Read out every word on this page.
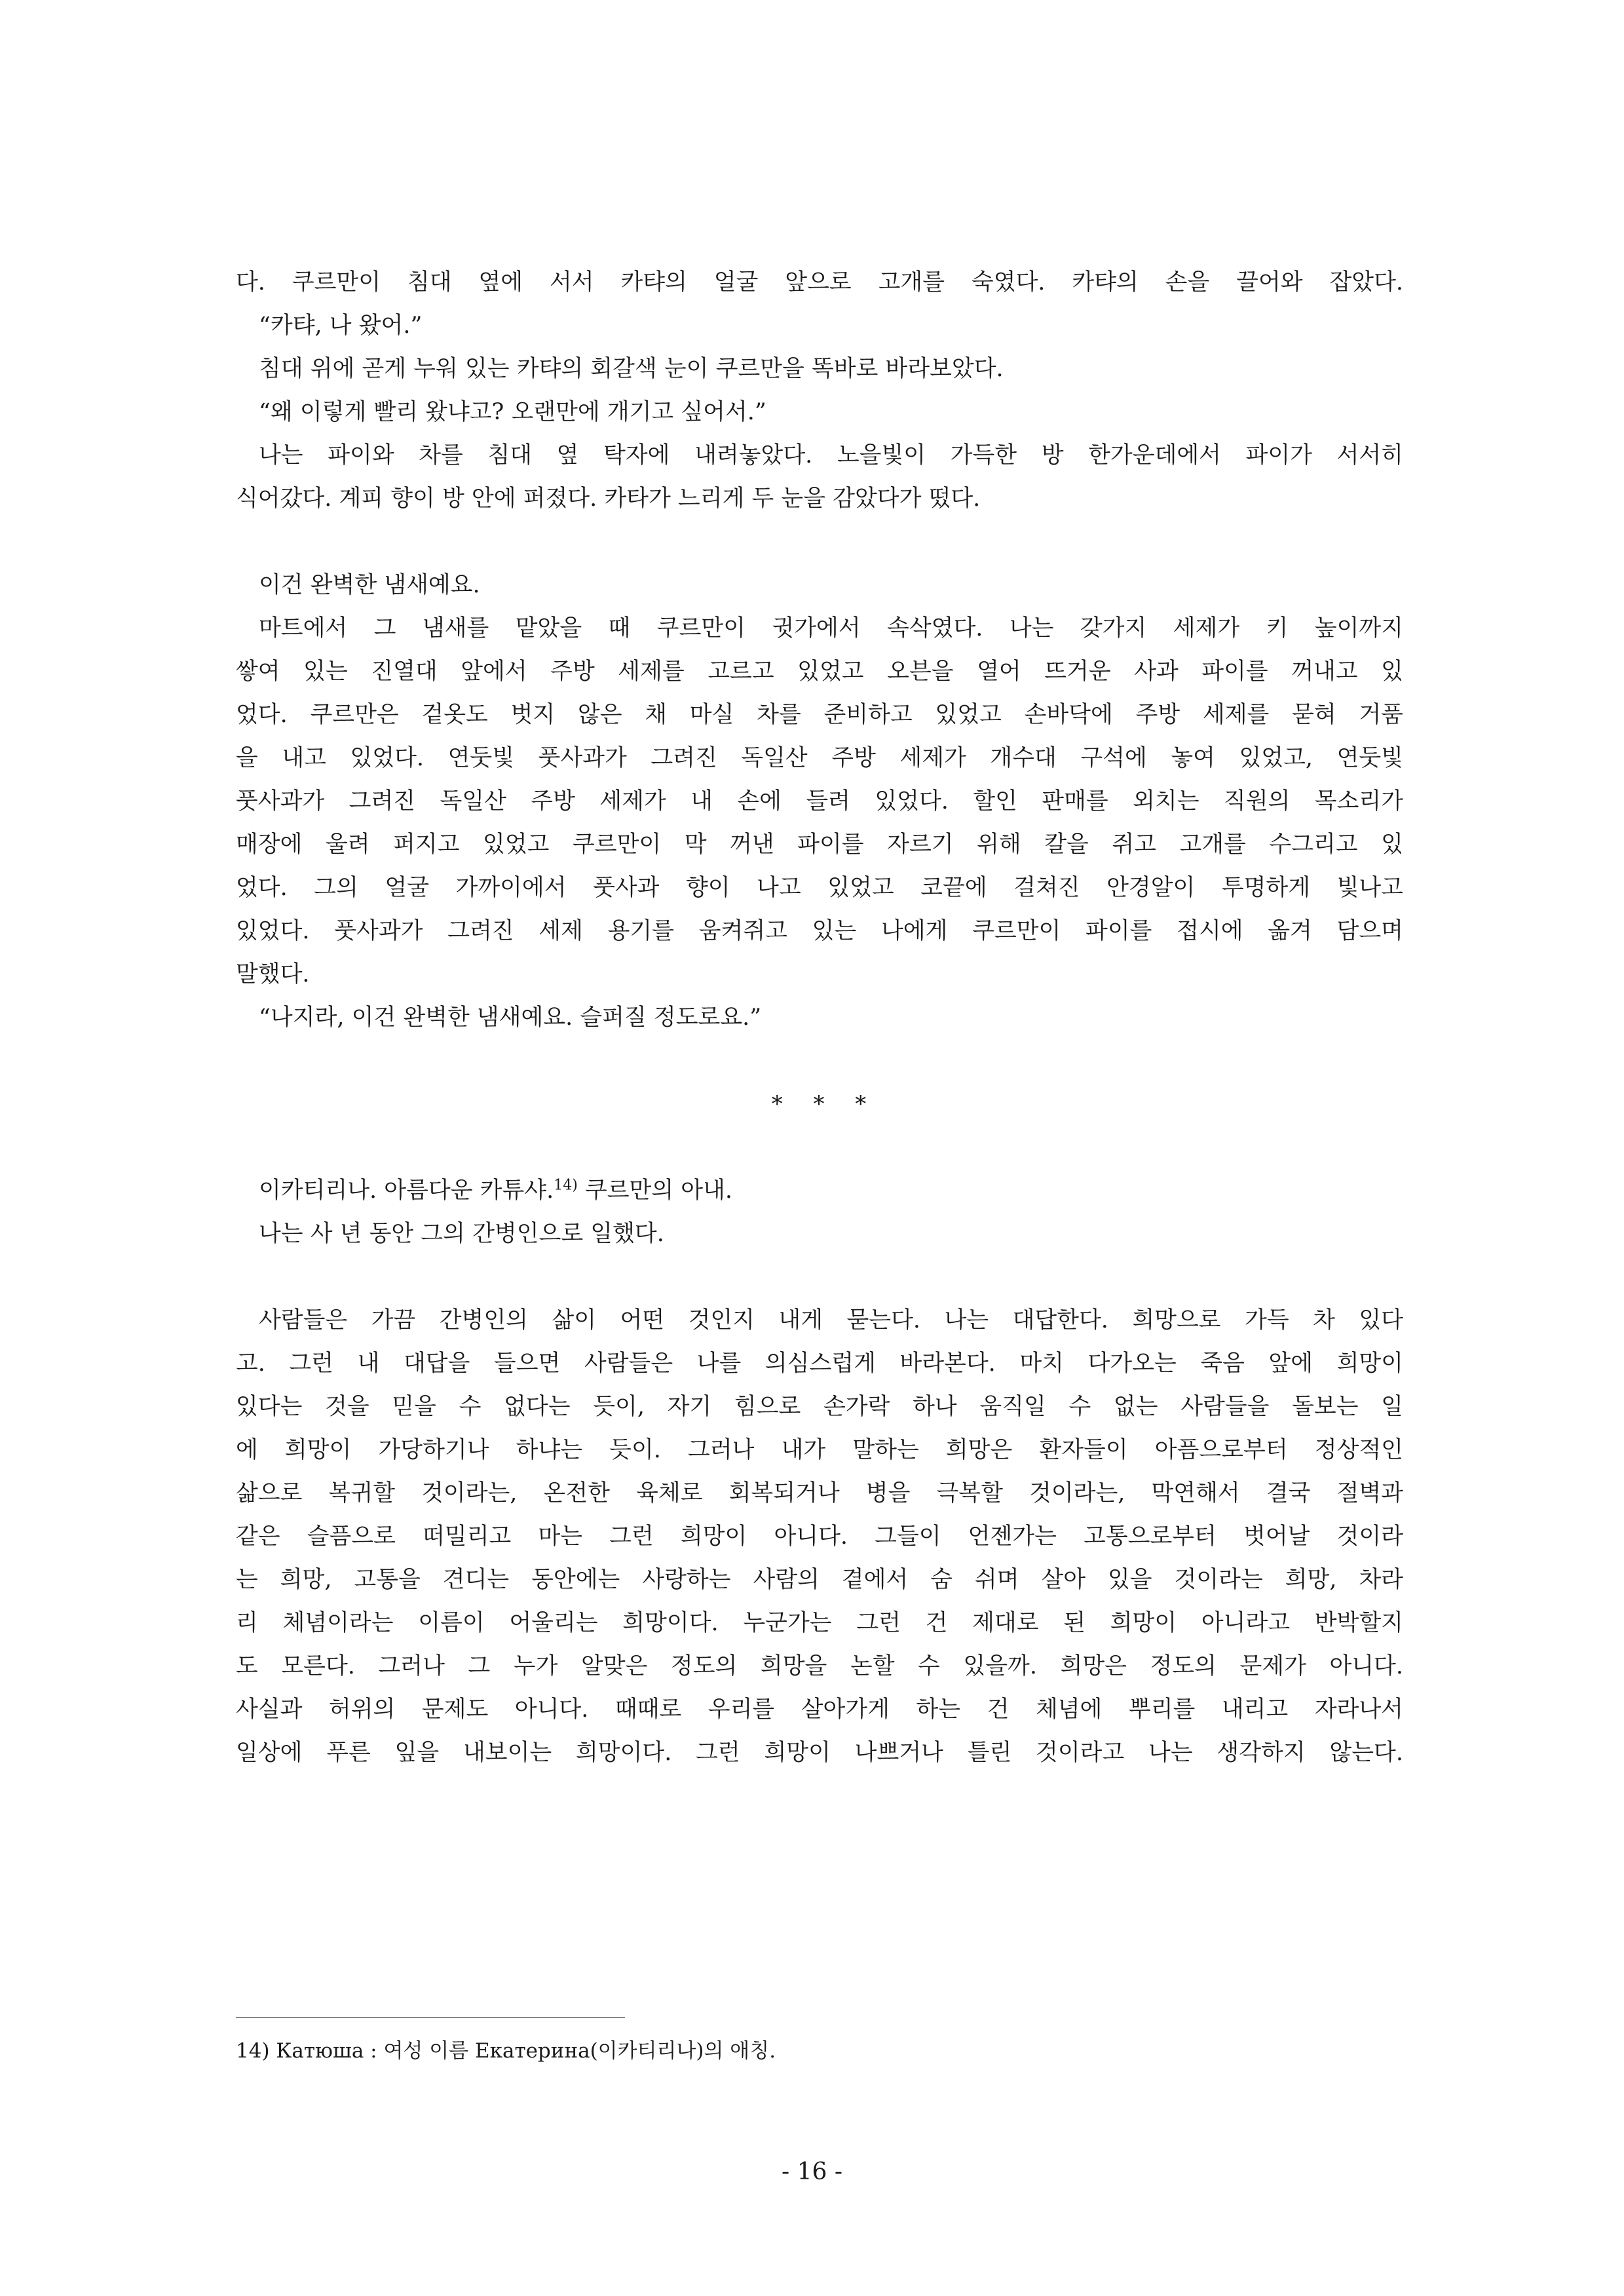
다. 쿠르만이 침대 옆에 서서 카탸의 얼굴 앞으로 고개를 숙였다. 카탸의 손을 끌어와 잡았다.
“카탸, 나 왔어.”
침대 위에 곧게 누워 있는 카탸의 회갈색 눈이 쿠르만을 똑바로 바라보았다.
“왜 이렇게 빨리 왔냐고? 오랜만에 개기고 싶어서.”
나는 파이와 차를 침대 옆 탁자에 내려놓았다. 노을빛이 가득한 방 한가운데에서 파이가 서서히
식어갔다. 계피 향이 방 안에 퍼졌다. 카타가 느리게 두 눈을 감았다가 떴다.
이건 완벽한 냄새예요.
마트에서 그 냄새를 맡았을 때 쿠르만이 귓가에서 속삭였다. 나는 갖가지 세제가 키 높이까지
쌓여 있는 진열대 앞에서 주방 세제를 고르고 있었고 오븐을 열어 뜨거운 사과 파이를 꺼내고 있
었다. 쿠르만은 겉옷도 벗지 않은 채 마실 차를 준비하고 있었고 손바닥에 주방 세제를 묻혀 거품
을 내고 있었다. 연둣빛 풋사과가 그려진 독일산 주방 세제가 개수대 구석에 놓여 있었고, 연둣빛
풋사과가 그려진 독일산 주방 세제가 내 손에 들려 있었다. 할인 판매를 외치는 직원의 목소리가
매장에 울려 퍼지고 있었고 쿠르만이 막 꺼낸 파이를 자르기 위해 칼을 쥐고 고개를 수그리고 있
었다. 그의 얼굴 가까이에서 풋사과 향이 나고 있었고 코끝에 걸쳐진 안경알이 투명하게 빛나고
있었다. 풋사과가 그려진 세제 용기를 움켜쥐고 있는 나에게 쿠르만이 파이를 접시에 옮겨 담으며
말했다.
“나지라, 이건 완벽한 냄새예요. 슬퍼질 정도로요.”
* * *
이카티리나. 아름다운 카튜샤.$^{14)}$ 쿠르만의 아내.
나는 사 년 동안 그의 간병인으로 일했다.
사람들은 가끔 간병인의 삶이 어떤 것인지 내게 묻는다. 나는 대답한다. 희망으로 가득 차 있다
고. 그런 내 대답을 들으면 사람들은 나를 의심스럽게 바라본다. 마치 다가오는 죽음 앞에 희망이
있다는 것을 믿을 수 없다는 듯이, 자기 힘으로 손가락 하나 움직일 수 없는 사람들을 돌보는 일
에 희망이 가당하기나 하냐는 듯이. 그러나 내가 말하는 희망은 환자들이 아픔으로부터 정상적인
삶으로 복귀할 것이라는, 온전한 육체로 회복되거나 병을 극복할 것이라는, 막연해서 결국 절벽과
같은 슬픔으로 떠밀리고 마는 그런 희망이 아니다. 그들이 언젠가는 고통으로부터 벗어날 것이라
는 희망, 고통을 견디는 동안에는 사랑하는 사람의 곁에서 숨 쉬며 살아 있을 것이라는 희망, 차라
리 체념이라는 이름이 어울리는 희망이다. 누군가는 그런 건 제대로 된 희망이 아니라고 반박할지
도 모른다. 그러나 그 누가 알맞은 정도의 희망을 논할 수 있을까. 희망은 정도의 문제가 아니다.
사실과 허위의 문제도 아니다. 때때로 우리를 살아가게 하는 건 체념에 뿌리를 내리고 자라나서
일상에 푸른 잎을 내보이는 희망이다. 그런 희망이 나쁘거나 틀린 것이라고 나는 생각하지 않는다.
14) Катюша : 여성 이름 Екатерина(이카티리나)의 애칭.
- 16 -
